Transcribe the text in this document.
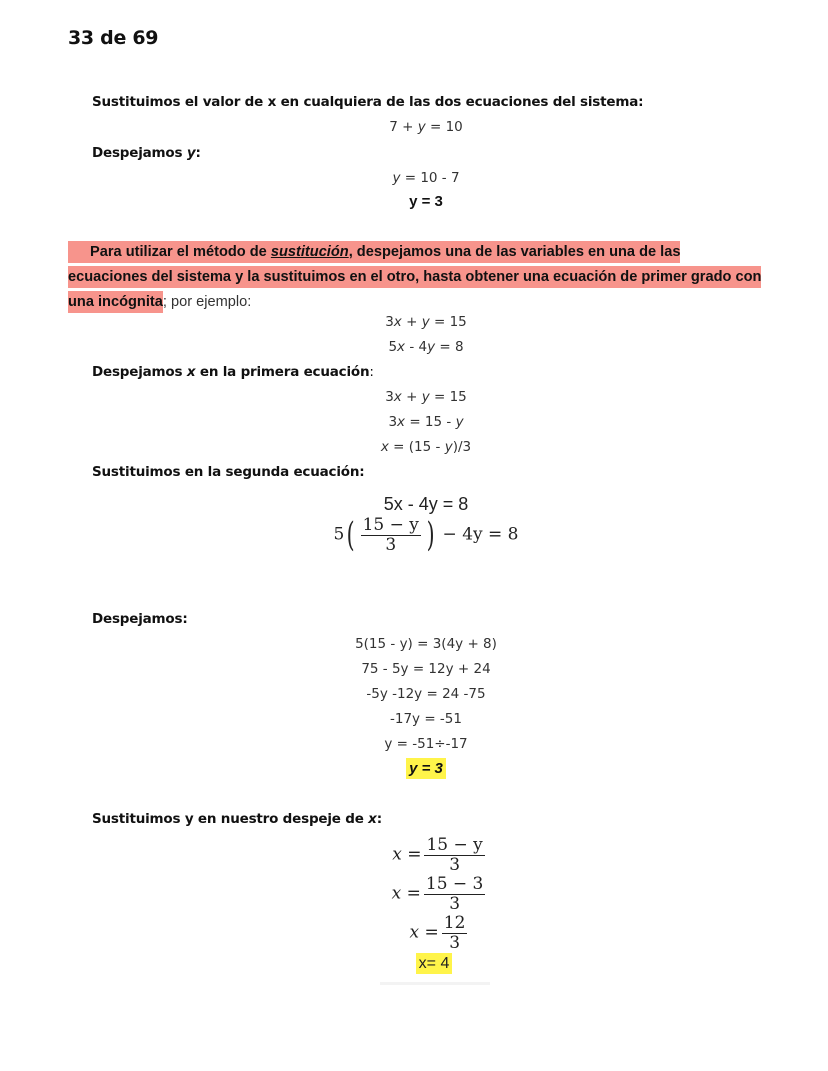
33 de 69
Sustituimos el valor de x en cualquiera de las dos ecuaciones del sistema:
7 + y = 10
Despejamos y:
y = 10 - 7
y = 3
Para utilizar el método de sustitución, despejamos una de las variables en una de las ecuaciones del sistema y la sustituimos en el otro, hasta obtener una ecuación de primer grado con una incógnita; por ejemplo:
3x + y = 15
5x - 4y = 8
Despejamos x en la primera ecuación:
3x + y = 15
3x = 15 - y
x = (15 - y)/3
Sustituimos en la segunda ecuación:
5x - 4y = 8
$5( \frac{15 - y}{3}$ ) − 4y = 8
Despejamos:
5(15 - y) = 3(4y + 8)
75 - 5y = 12y + 24
-5y -12y = 24 -75
-17y = -51
y = -51÷-17
y = 3
Sustituimos y en nuestro despeje de x:
$x = \frac{15 - y}{3}$
$x = \frac{15 - 3}{3}$
$x = \frac{12}{3}$
x= 4
